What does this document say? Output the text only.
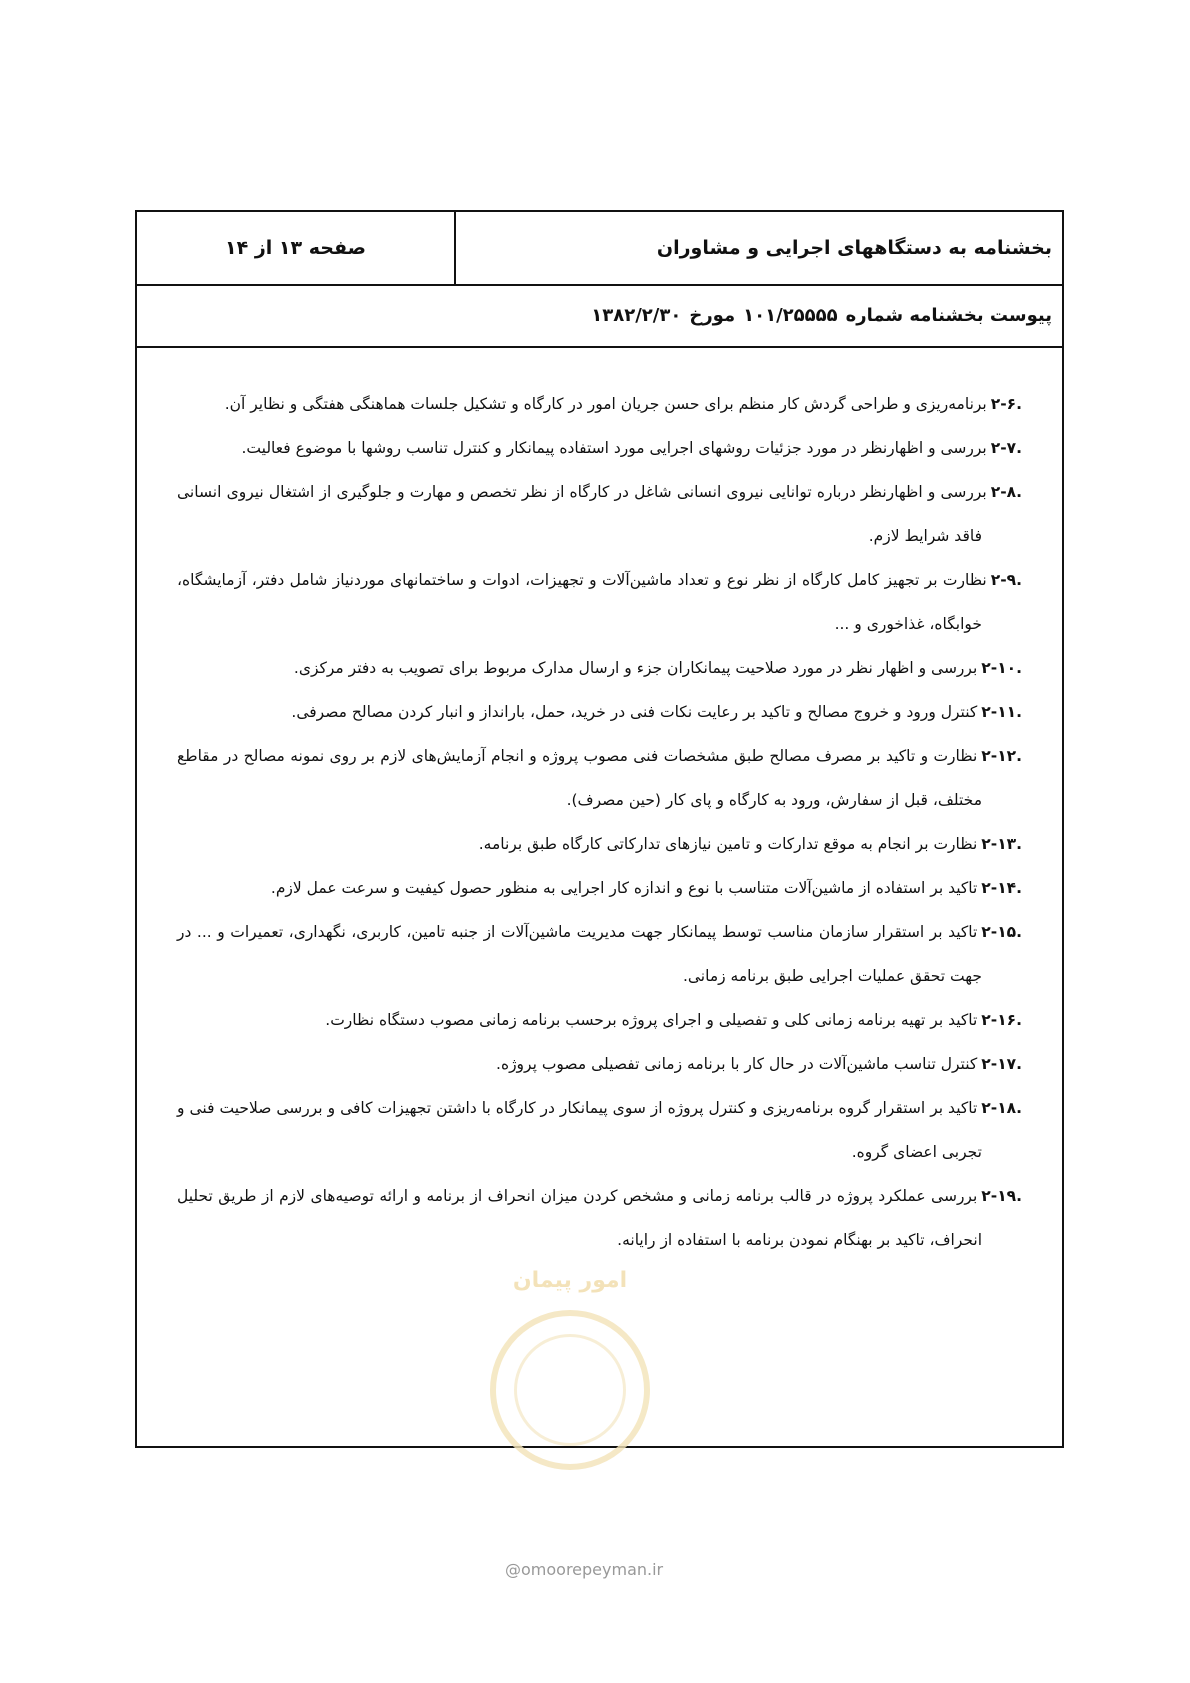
بخشنامه به دستگاههای اجرایی و مشاوران
صفحه ۱۳ از ۱۴
پیوست بخشنامه شماره
۱۰۱/۲۵۵۵۵
مورخ
۱۳۸۲/۲/۳۰
۲-۶.برنامه‌ریزی و طراحی گردش کار منظم برای حسن جریان امور در کارگاه و تشکیل جلسات هماهنگی هفتگی و نظایر آن.
۲-۷.بررسی و اظهارنظر در مورد جزئیات روشهای اجرایی مورد استفاده پیمانکار و کنترل تناسب روشها با موضوع فعالیت.
۲-۸.بررسی و اظهارنظر درباره توانایی نیروی انسانی شاغل در کارگاه از نظر تخصص و مهارت و جلوگیری از اشتغال نیروی انسانی فاقد شرایط لازم.
۲-۹.نظارت بر تجهیز کامل کارگاه از نظر نوع و تعداد ماشین‌آلات و تجهیزات، ادوات و ساختمانهای موردنیاز شامل دفتر، آزمایشگاه، خوابگاه، غذاخوری و ...
۲-۱۰.بررسی و اظهار نظر در مورد صلاحیت پیمانکاران جزء و ارسال مدارک مربوط برای تصویب به دفتر مرکزی.
۲-۱۱.کنترل ورود و خروج مصالح و تاکید بر رعایت نکات فنی در خرید، حمل، بارانداز و انبار کردن مصالح مصرفی.
۲-۱۲.نظارت و تاکید بر مصرف مصالح طبق مشخصات فنی مصوب پروژه و انجام آزمایش‌های لازم بر روی نمونه مصالح در مقاطع مختلف، قبل از سفارش، ورود به کارگاه و پای کار (حین مصرف).
۲-۱۳.نظارت بر انجام به موقع تدارکات و تامین نیازهای تدارکاتی کارگاه طبق برنامه.
۲-۱۴.تاکید بر استفاده از ماشین‌آلات متناسب با نوع و اندازه کار اجرایی به منظور حصول کیفیت و سرعت عمل لازم.
۲-۱۵.تاکید بر استقرار سازمان مناسب توسط پیمانکار جهت مدیریت ماشین‌آلات از جنبه تامین، کاربری، نگهداری، تعمیرات و ... در جهت تحقق عملیات اجرایی طبق برنامه زمانی.
۲-۱۶.تاکید بر تهیه برنامه زمانی کلی و تفصیلی و اجرای پروژه برحسب برنامه زمانی مصوب دستگاه نظارت.
۲-۱۷.کنترل تناسب ماشین‌آلات در حال کار با برنامه زمانی تفصیلی مصوب پروژه.
۲-۱۸.تاکید بر استقرار گروه برنامه‌ریزی و کنترل پروژه از سوی پیمانکار در کارگاه با داشتن تجهیزات کافی و بررسی صلاحیت فنی و تجربی اعضای گروه.
۲-۱۹.بررسی عملکرد پروژه در قالب برنامه زمانی و مشخص کردن میزان انحراف از برنامه و ارائه توصیه‌های لازم از طریق تحلیل انحراف، تاکید بر بهنگام نمودن برنامه با استفاده از رایانه.
امور پیمان
@omoorepeyman.ir
